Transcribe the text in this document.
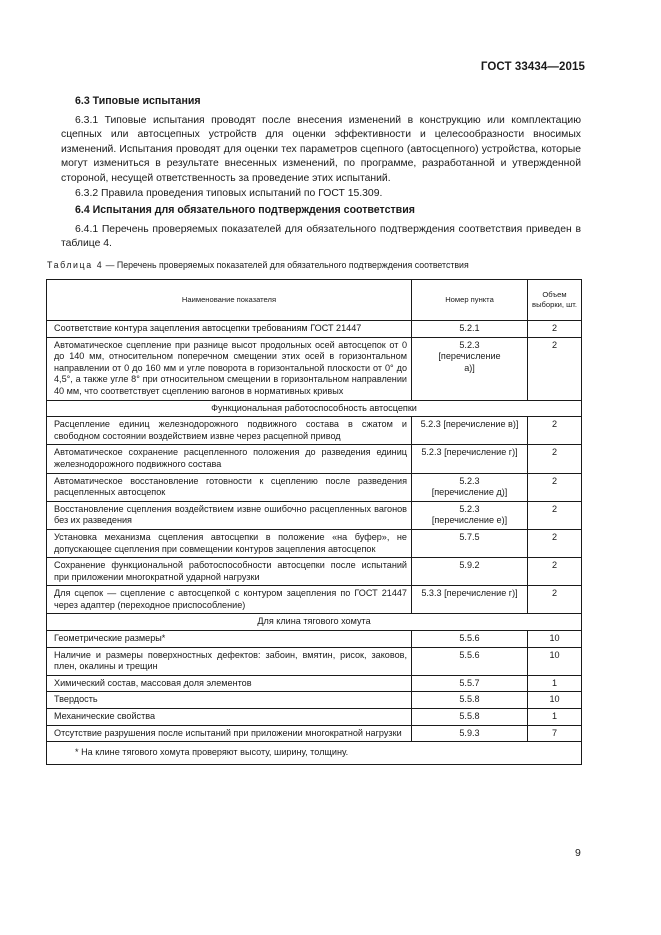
ГОСТ 33434—2015
6.3 Типовые испытания

6.3.1 Типовые испытания проводят после внесения изменений в конструкцию или комплектацию сцепных или автосцепных устройств для оценки эффективности и целесообразности вносимых изменений. Испытания проводят для оценки тех параметров сцепного (автосцепного) устройства, которые могут измениться в результате внесенных изменений, по программе, разработанной и утвержденной стороной, несущей ответственность за проведение этих испытаний.

6.3.2 Правила проведения типовых испытаний по ГОСТ 15.309.

6.4 Испытания для обязательного подтверждения соответствия

6.4.1 Перечень проверяемых показателей для обязательного подтверждения соответствия приведен в таблице 4.

Таблица 4 — Перечень проверяемых показателей для обязательного подтверждения соответствия
Наименование показателя	Номер пункта	Объем выборки, шт.
Соответствие контура зацепления автосцепки требованиям ГОСТ 21447	5.2.1	2
Автоматическое сцепление при разнице высот продольных осей автосцепок от 0 до 140 мм, относительном поперечном смещении этих осей в горизонтальном направлении от 0 до 160 мм и угле поворота в горизонтальной плоскости от 0° до 4,5°, а также угле 8° при относительном смещении в горизонтальном направлении 40 мм, что соответствует сцеплению вагонов в нормативных кривых	5.2.3 [перечисление а)]	2
Функциональная работоспособность автосцепки		
Расцепление единиц железнодорожного подвижного состава в сжатом и свободном состоянии воздействием извне через расцепной привод	5.2.3 [перечисление в)]	2
Автоматическое сохранение расцепленного положения до разведения единиц железнодорожного подвижного состава	5.2.3 [перечисление г)]	2
Автоматическое восстановление готовности к сцеплению после разведения расцепленных автосцепок	5.2.3 [перечисление д)]	2
Восстановление сцепления воздействием извне ошибочно расцепленных вагонов без их разведения	5.2.3 [перечисление е)]	2
Установка механизма сцепления автосцепки в положение «на буфер», не допускающее сцепления при совмещении контуров зацепления автосцепок	5.7.5	2
Сохранение функциональной работоспособности автосцепки после испытаний при приложении многократной ударной нагрузки	5.9.2	2
Для сцепок — сцепление с автосцепкой с контуром зацепления по ГОСТ 21447 через адаптер (переходное приспособление)	5.3.3 [перечисление г)]	2
Для клина тягового хомута		
Геометрические размеры*	5.5.6	10
Наличие и размеры поверхностных дефектов: забоин, вмятин, рисок, заковов, плен, окалины и трещин	5.5.6	10
Химический состав, массовая доля элементов	5.5.7	1
Твердость	5.5.8	10
Механические свойства	5.5.8	1
Отсутствие разрушения после испытаний при приложении многократной нагрузки	5.9.3	7
* На клине тягового хомута проверяют высоту, ширину, толщину.		
9
